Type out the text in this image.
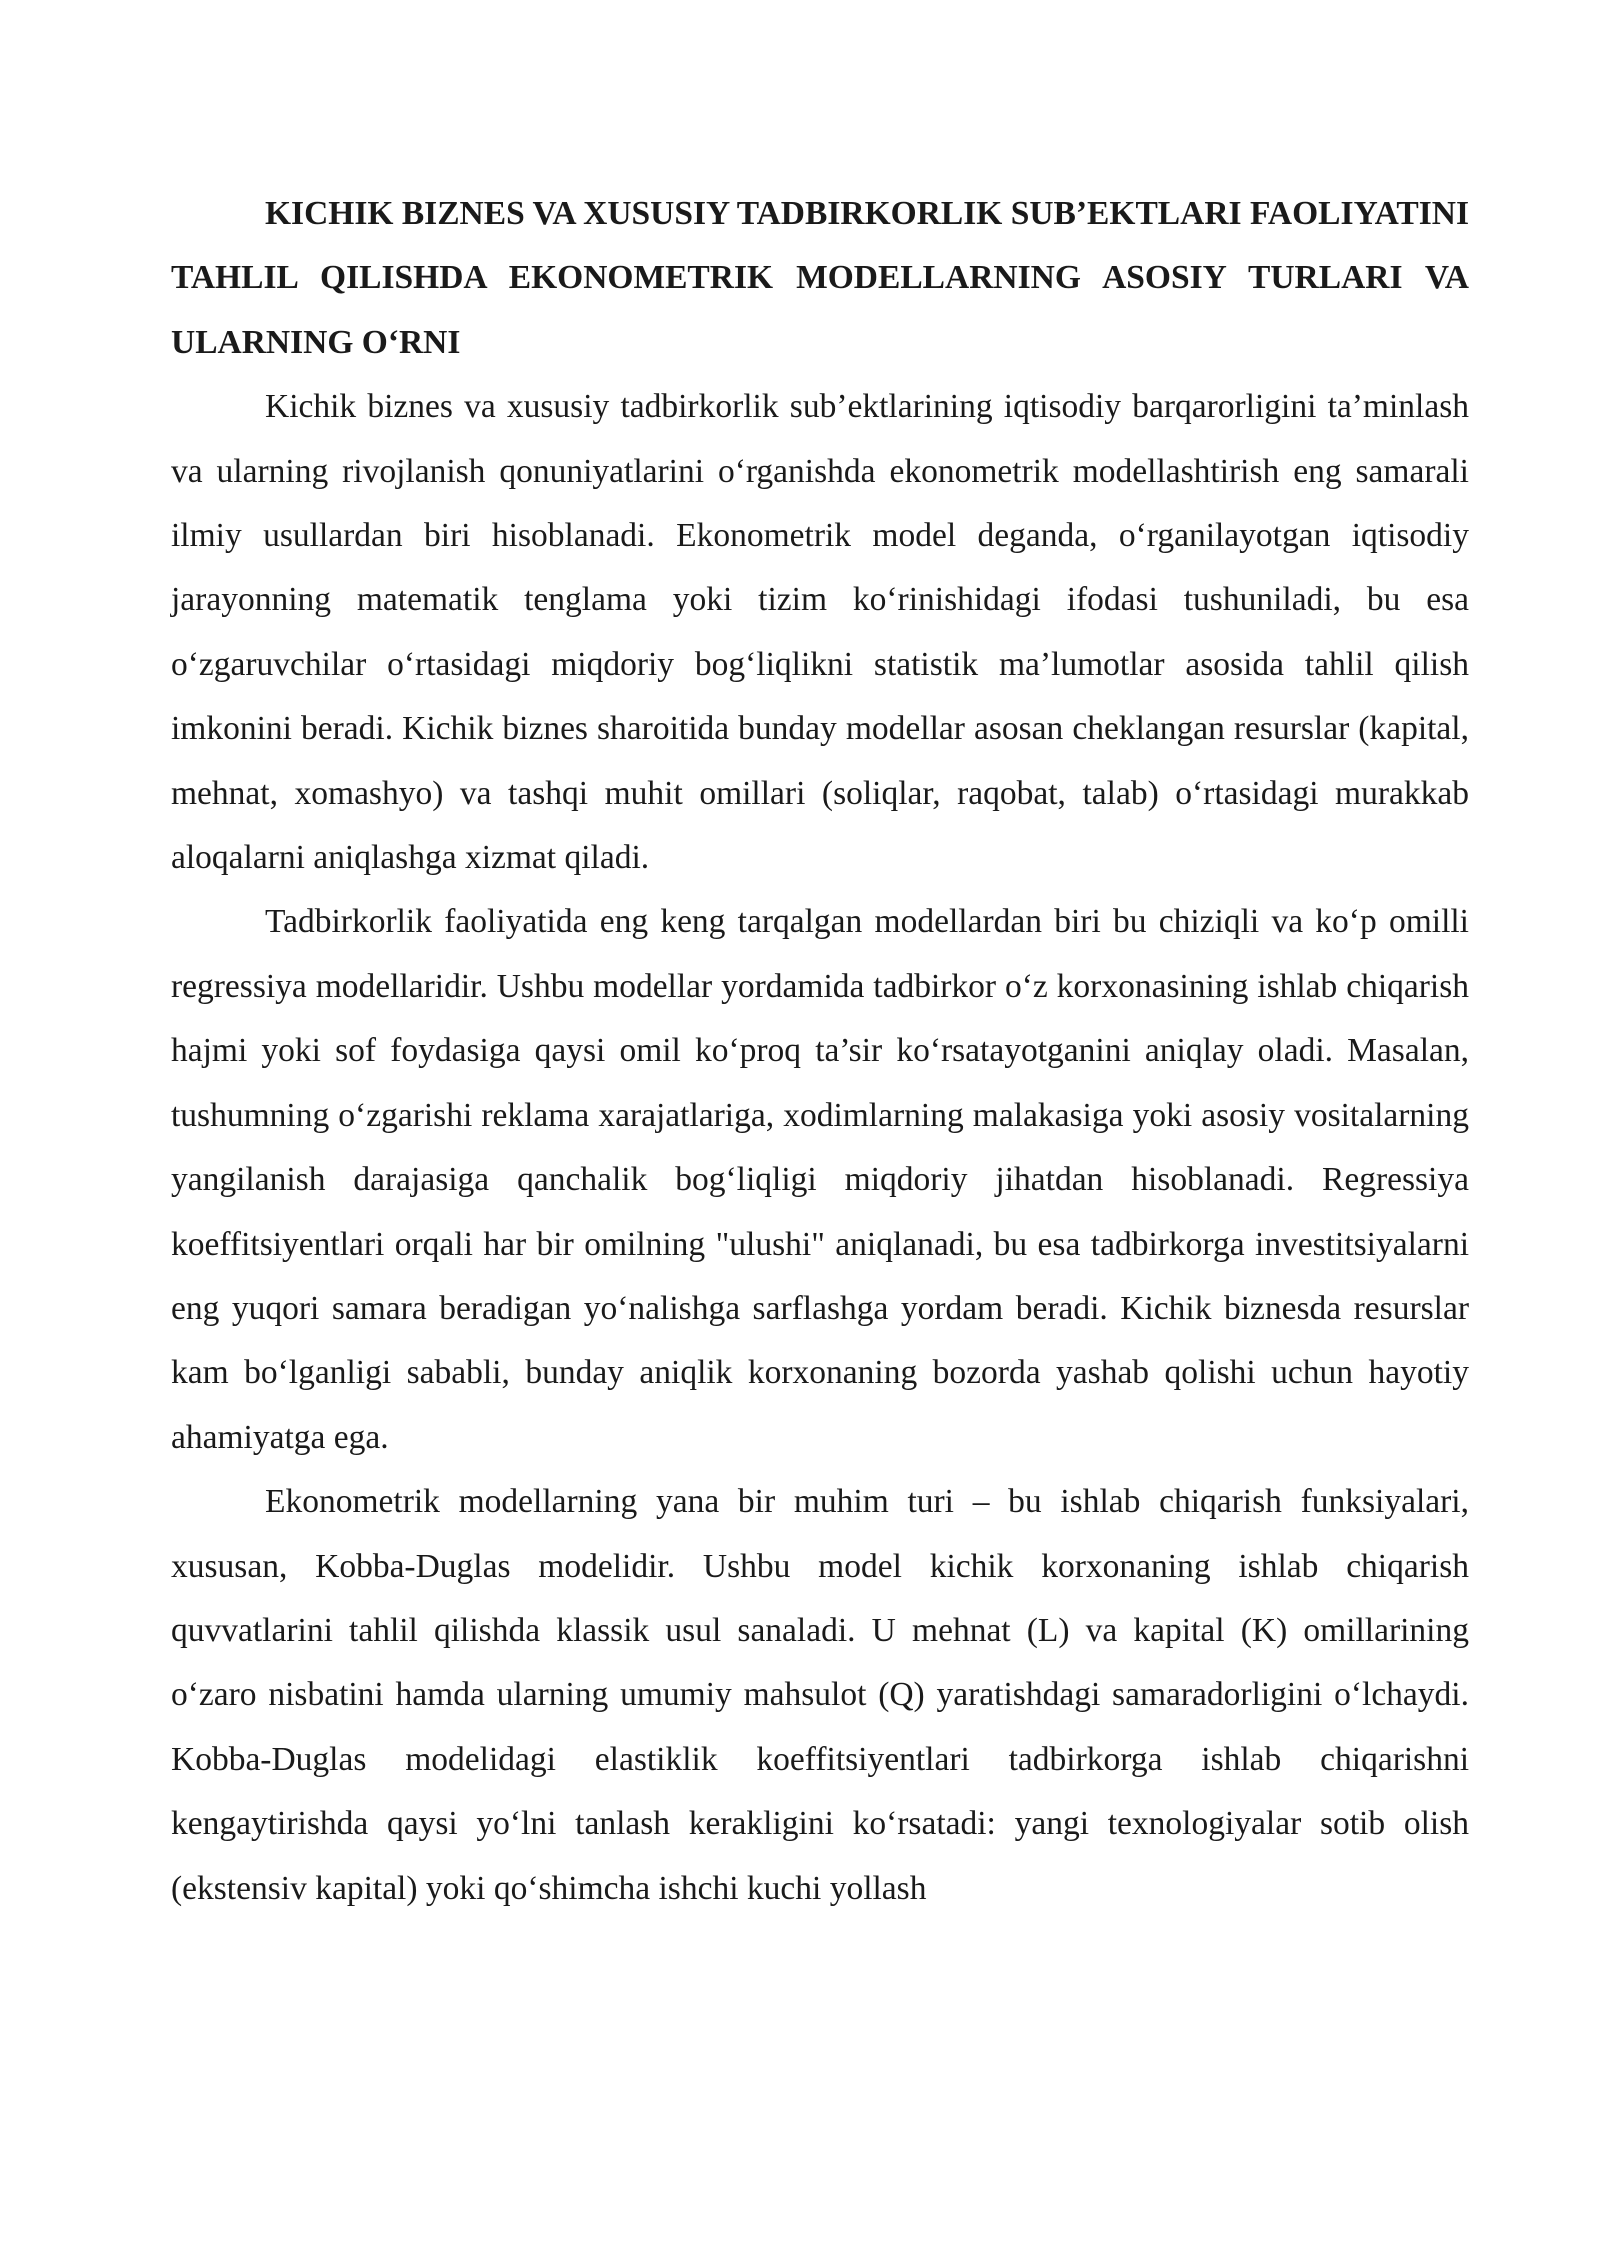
KICHIK BIZNES VA XUSUSIY TADBIRKORLIK SUB’EKTLARI FAOLIYATINI TAHLIL QILISHDA EKONOMETRIK MODELLARNING ASOSIY TURLARI VA ULARNING O‘RNI

Kichik biznes va xususiy tadbirkorlik sub’ektlarining iqtisodiy barqarorligini ta’minlash va ularning rivojlanish qonuniyatlarini o‘rganishda ekonometrik modellashtirish eng samarali ilmiy usullardan biri hisoblanadi. Ekonometrik model deganda, o‘rganilayotgan iqtisodiy jarayonning matematik tenglama yoki tizim ko‘rinishidagi ifodasi tushuniladi, bu esa o‘zgaruvchilar o‘rtasidagi miqdoriy bog‘liqlikni statistik ma’lumotlar asosida tahlil qilish imkonini beradi. Kichik biznes sharoitida bunday modellar asosan cheklangan resurslar (kapital, mehnat, xomashyo) va tashqi muhit omillari (soliqlar, raqobat, talab) o‘rtasidagi murakkab aloqalarni aniqlashga xizmat qiladi.

Tadbirkorlik faoliyatida eng keng tarqalgan modellardan biri bu chiziqli va ko‘p omilli regressiya modellaridir. Ushbu modellar yordamida tadbirkor o‘z korxonasining ishlab chiqarish hajmi yoki sof foydasiga qaysi omil ko‘proq ta’sir ko‘rsatayotganini aniqlay oladi. Masalan, tushumning o‘zgarishi reklama xarajatlariga, xodimlarning malakasiga yoki asosiy vositalarning yangilanish darajasiga qanchalik bog‘liqligi miqdoriy jihatdan hisoblanadi. Regressiya koeffitsiyentlari orqali har bir omilning "ulushi" aniqlanadi, bu esa tadbirkorga investitsiyalarni eng yuqori samara beradigan yo‘nalishga sarflashga yordam beradi. Kichik biznesda resurslar kam bo‘lganligi sababli, bunday aniqlik korxonaning bozorda yashab qolishi uchun hayotiy ahamiyatga ega.

Ekonometrik modellarning yana bir muhim turi – bu ishlab chiqarish funksiyalari, xususan, Kobba-Duglas modelidir. Ushbu model kichik korxonaning ishlab chiqarish quvvatlarini tahlil qilishda klassik usul sanaladi. U mehnat (L) va kapital (K) omillarining o‘zaro nisbatini hamda ularning umumiy mahsulot (Q) yaratishdagi samaradorligini o‘lchaydi. Kobba-Duglas modelidagi elastiklik koeffitsiyentlari tadbirkorga ishlab chiqarishni kengaytirishda qaysi yo‘lni tanlash kerakligini ko‘rsatadi: yangi texnologiyalar sotib olish (ekstensiv kapital) yoki qo‘shimcha ishchi kuchi yollash
